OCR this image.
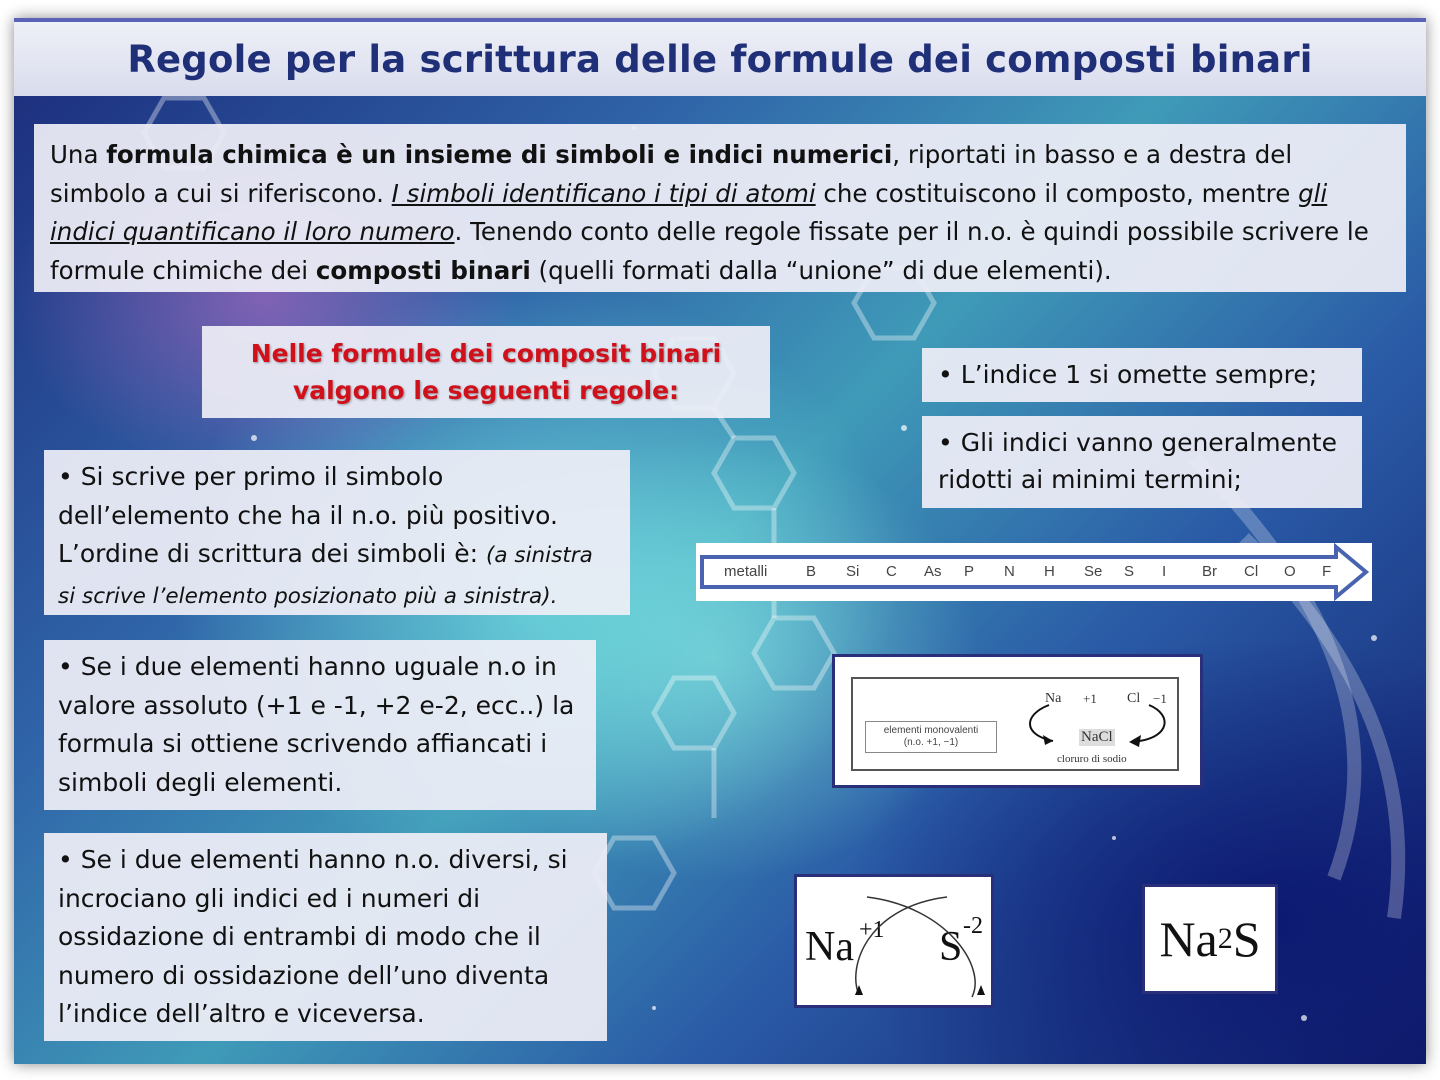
Regole per la scrittura delle formule dei composti binari
Una formula chimica è un insieme di simboli e indici numerici, riportati in basso e a destra del simbolo a cui si riferiscono. I simboli identificano i tipi di atomi che costituiscono il composto, mentre gli indici quantificano il loro numero. Tenendo conto delle regole fissate per il n.o. è quindi possibile scrivere le formule chimiche dei composti binari (quelli formati dalla “unione” di due elementi).
Nelle formule dei composit binari
valgono le seguenti regole:
• Si scrive per primo il simbolo dell’elemento che ha il n.o. più positivo. L’ordine di scrittura dei simboli è: (a sinistra si scrive l’elemento posizionato più a sinistra).
• Se i due elementi hanno uguale n.o in valore assoluto (+1 e -1, +2 e-2, ecc..) la formula si ottiene scrivendo affiancati i simboli degli elementi.
• Se i due elementi hanno n.o. diversi, si incrociano gli indici ed i numeri di ossidazione di entrambi di modo che il numero di ossidazione dell’uno diventa l’indice dell’altro e viceversa.
• L’indice 1 si omette sempre;
• Gli indici vanno generalmente ridotti ai minimi termini;
metalli	B Si C As P N H Se S I Br Cl O F
elementi monovalenti
(n.o. +1, −1)
Na +1 Cl −1
NaCl
cloruro di sodio
Na +1 S -2	Na 2 S
